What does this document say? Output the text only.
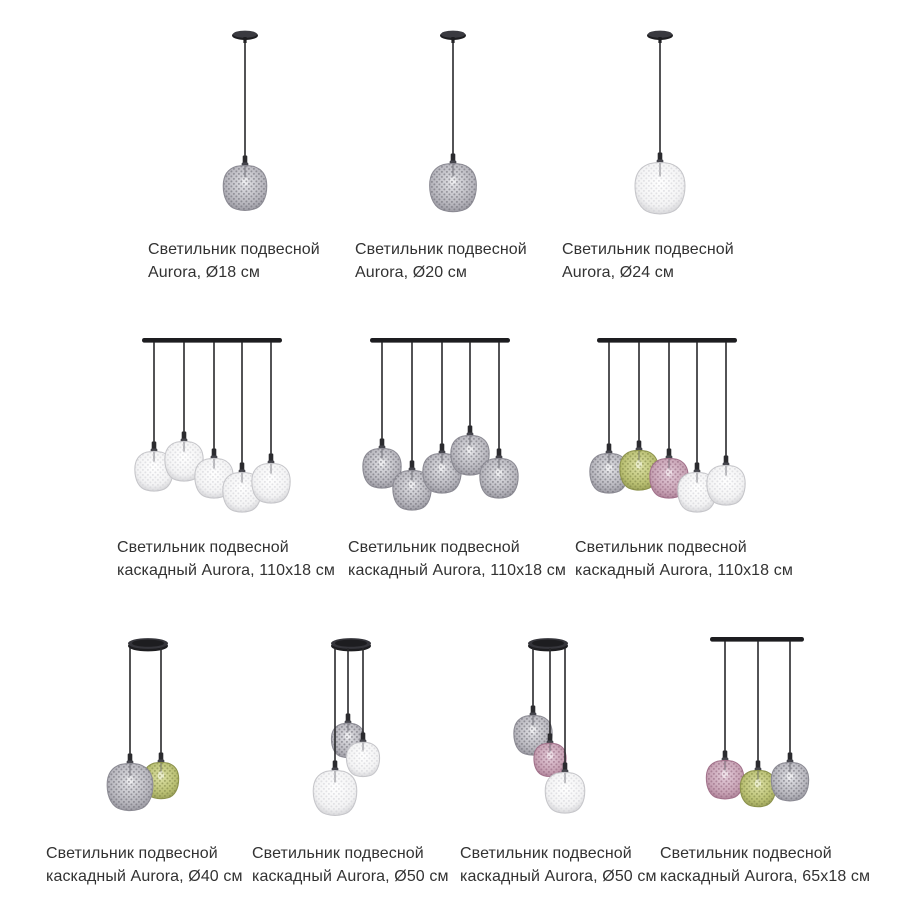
Светильник подвесной
Aurora, Ø18 см
Светильник подвесной
Aurora, Ø20 см
Светильник подвесной
Aurora, Ø24 см
Светильник подвесной
каскадный Aurora, 110x18 см
Светильник подвесной
каскадный Aurora, 110x18 см
Светильник подвесной
каскадный Aurora, 110x18 см
Светильник подвесной
каскадный Aurora, Ø40 см
Светильник подвесной
каскадный Aurora, Ø50 см
Светильник подвесной
каскадный Aurora, Ø50 см
Светильник подвесной
каскадный Aurora, 65x18 см
